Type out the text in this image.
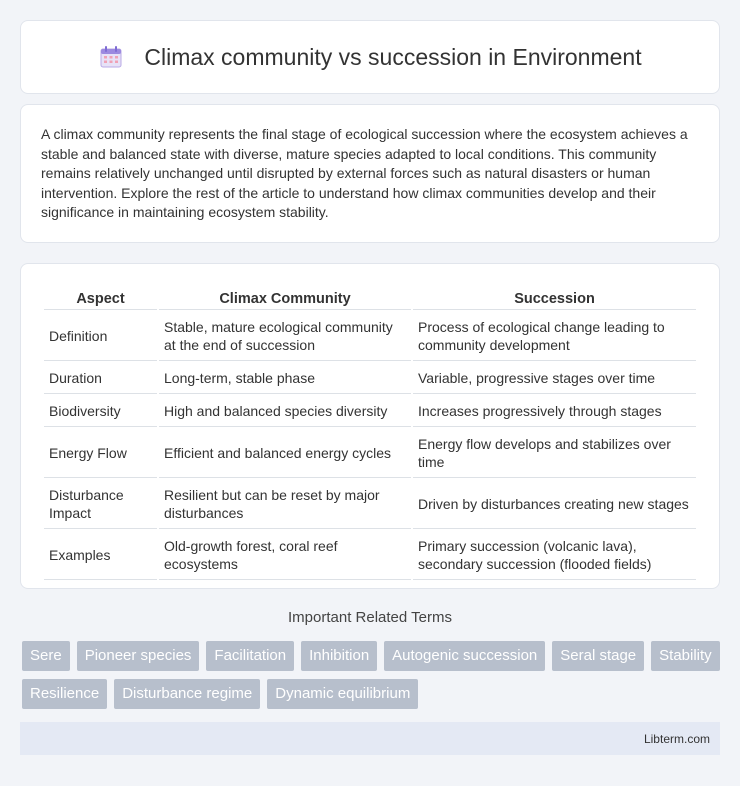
Climax community vs succession in Environment

A climax community represents the final stage of ecological succession where the ecosystem achieves a stable and balanced state with diverse, mature species adapted to local conditions. This community remains relatively unchanged until disrupted by external forces such as natural disasters or human intervention. Explore the rest of the article to understand how climax communities develop and their significance in maintaining ecosystem stability.

Aspect	Climax Community	Succession
Definition	Stable, mature ecological community at the end of succession	Process of ecological change leading to community development
Duration	Long-term, stable phase	Variable, progressive stages over time
Biodiversity	High and balanced species diversity	Increases progressively through stages
Energy Flow	Efficient and balanced energy cycles	Energy flow develops and stabilizes over time
Disturbance Impact	Resilient but can be reset by major disturbances	Driven by disturbances creating new stages
Examples	Old-growth forest, coral reef ecosystems	Primary succession (volcanic lava), secondary succession (flooded fields)
Important Related Terms
Sere	Pioneer species	Facilitation	Inhibition	Autogenic succession	Seral stage	Stability
Resilience	Disturbance regime	Dynamic equilibrium
Libterm.com
